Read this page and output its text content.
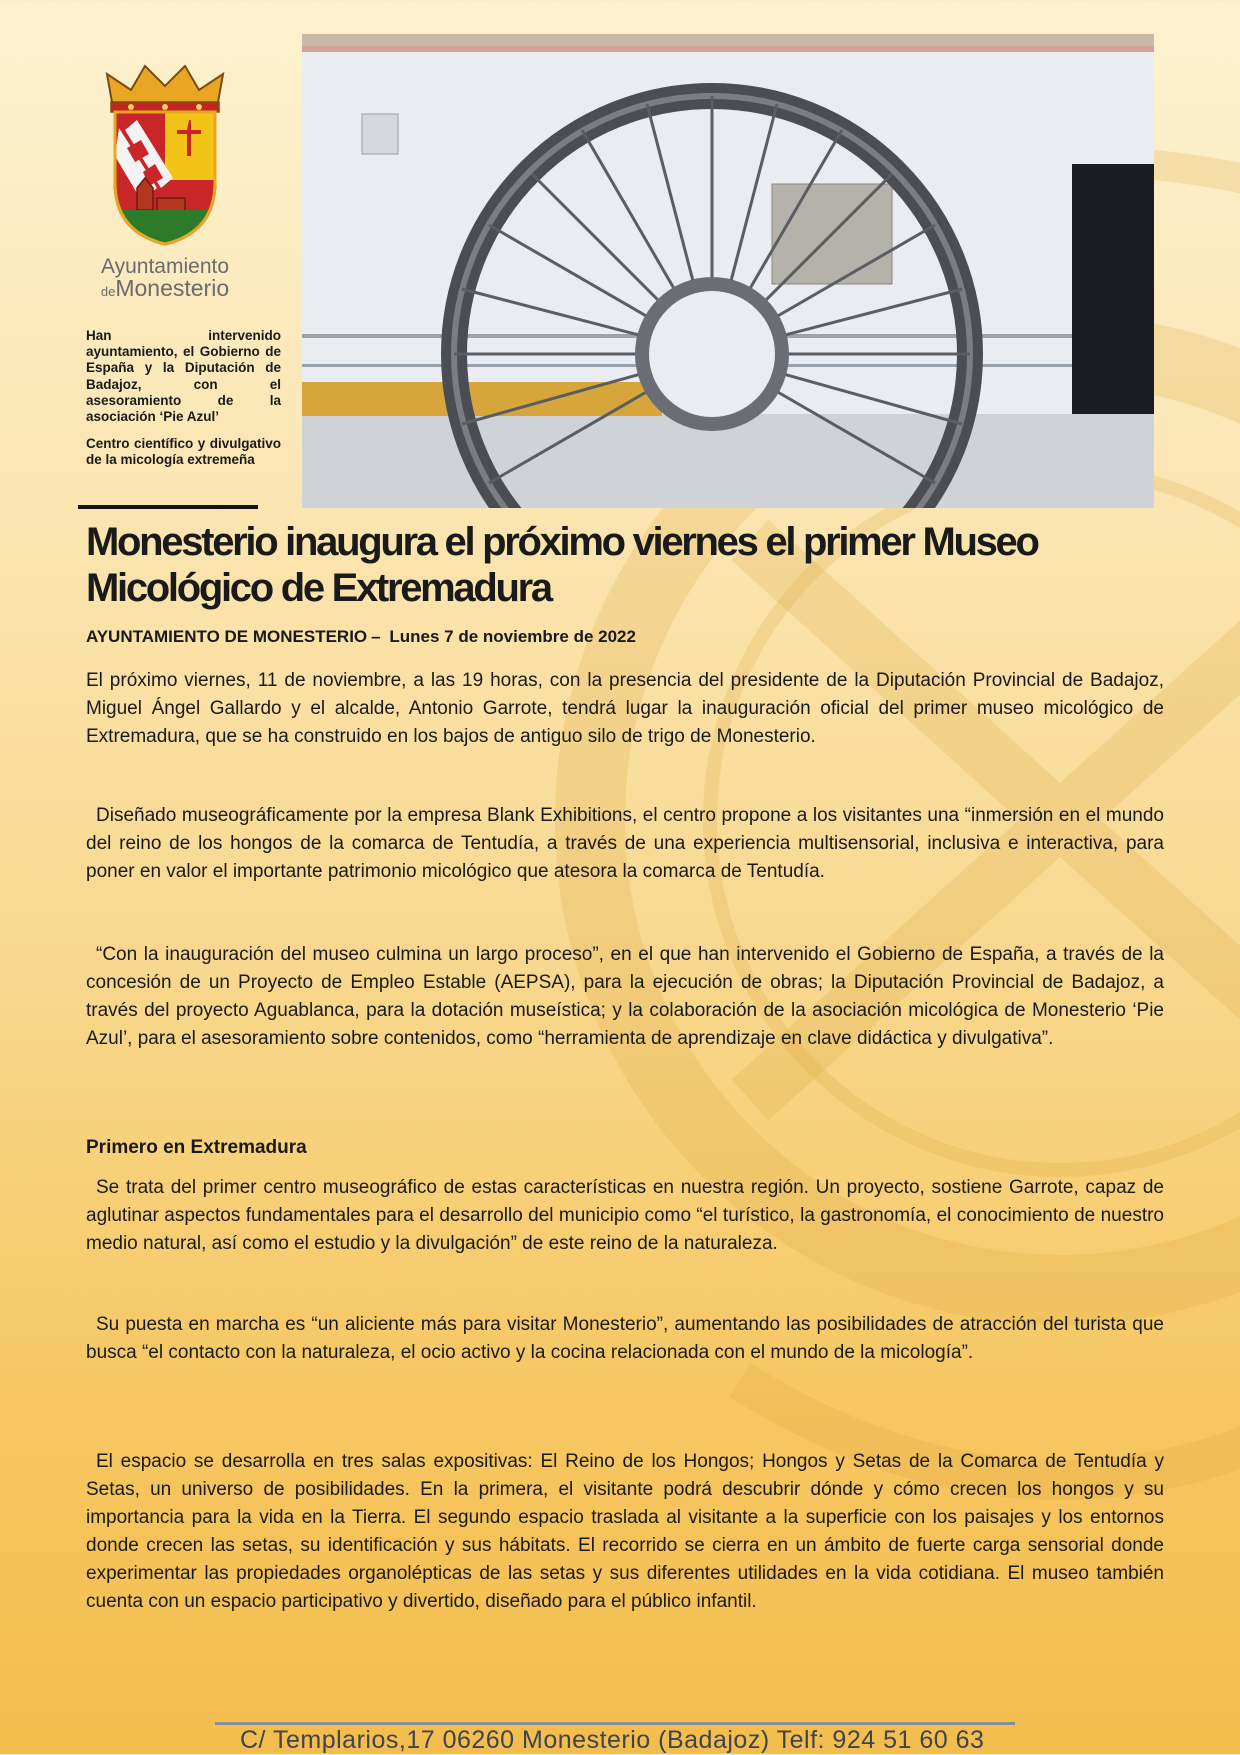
Ayuntamiento
deMonesterio
Han intervenido ayuntamiento, el Gobierno de España y la Diputación de Badajoz, con el asesoramiento de la asociación ‘Pie Azul’
Centro científico y divulgativo de la micología extremeña
Monesterio inaugura el próximo viernes el primer Museo Micológico de Extremadura
AYUNTAMIENTO DE MONESTERIO – Lunes 7 de noviembre de 2022

El próximo viernes, 11 de noviembre, a las 19 horas, con la presencia del presidente de la Diputación Provincial de Badajoz, Miguel Ángel Gallardo y el alcalde, Antonio Garrote, tendrá lugar la inauguración oficial del primer museo micológico de Extremadura, que se ha construido en los bajos de antiguo silo de trigo de Monesterio.

Diseñado museográficamente por la empresa Blank Exhibitions, el centro propone a los visitantes una “inmersión en el mundo del reino de los hongos de la comarca de Tentudía, a través de una experiencia multisensorial, inclusiva e interactiva, para poner en valor el importante patrimonio micológico que atesora la comarca de Tentudía.

“Con la inauguración del museo culmina un largo proceso”, en el que han intervenido el Gobierno de España, a través de la concesión de un Proyecto de Empleo Estable (AEPSA), para la ejecución de obras; la Diputación Provincial de Badajoz, a través del proyecto Aguablanca, para la dotación museística; y la colaboración de la asociación micológica de Monesterio ‘Pie Azul’, para el asesoramiento sobre contenidos, como “herramienta de aprendizaje en clave didáctica y divulgativa”.

Primero en Extremadura

Se trata del primer centro museográfico de estas características en nuestra región. Un proyecto, sostiene Garrote, capaz de aglutinar aspectos fundamentales para el desarrollo del municipio como “el turístico, la gastronomía, el conocimiento de nuestro medio natural, así como el estudio y la divulgación” de este reino de la naturaleza.

Su puesta en marcha es “un aliciente más para visitar Monesterio”, aumentando las posibilidades de atracción del turista que busca “el contacto con la naturaleza, el ocio activo y la cocina relacionada con el mundo de la micología”.

El espacio se desarrolla en tres salas expositivas: El Reino de los Hongos; Hongos y Setas de la Comarca de Tentudía y Setas, un universo de posibilidades. En la primera, el visitante podrá descubrir dónde y cómo crecen los hongos y su importancia para la vida en la Tierra. El segundo espacio traslada al visitante a la superficie con los paisajes y los entornos donde crecen las setas, su identificación y sus hábitats. El recorrido se cierra en un ámbito de fuerte carga sensorial donde experimentar las propiedades organolépticas de las setas y sus diferentes utilidades en la vida cotidiana. El museo también cuenta con un espacio participativo y divertido, diseñado para el público infantil.

C/ Templarios,17 06260 Monesterio (Badajoz) Telf: 924 51 60 63
